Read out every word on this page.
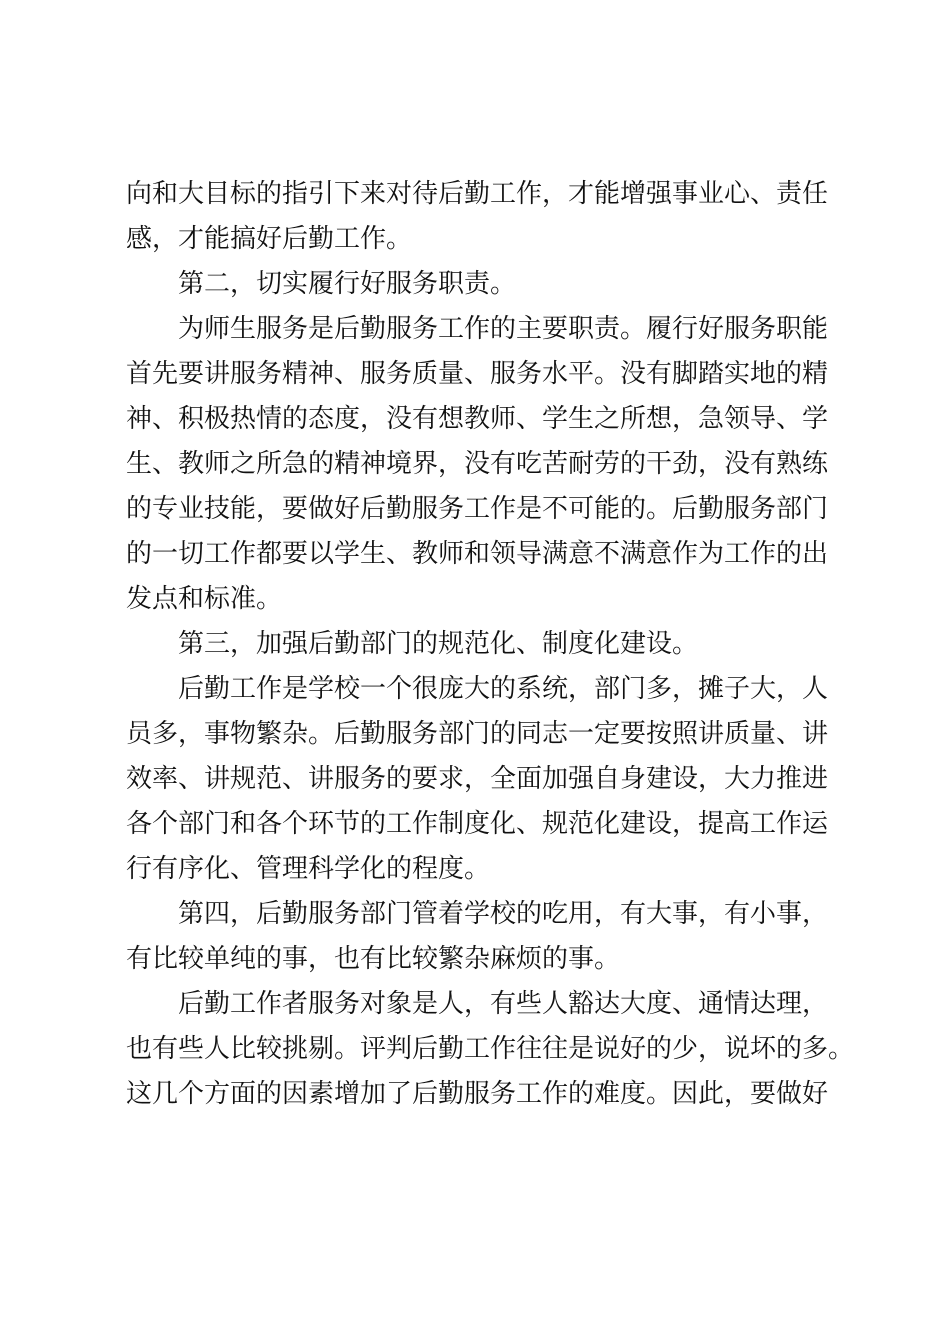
向和大目标的指引下来对待后勤工作，才能增强事业心、责任
感，才能搞好后勤工作。
第二，切实履行好服务职责。
为师生服务是后勤服务工作的主要职责。履行好服务职能
首先要讲服务精神、服务质量、服务水平。没有脚踏实地的精
神、积极热情的态度，没有想教师、学生之所想，急领导、学
生、教师之所急的精神境界，没有吃苦耐劳的干劲，没有熟练
的专业技能，要做好后勤服务工作是不可能的。后勤服务部门
的一切工作都要以学生、教师和领导满意不满意作为工作的出
发点和标准。
第三，加强后勤部门的规范化、制度化建设。
后勤工作是学校一个很庞大的系统，部门多，摊子大，人
员多，事物繁杂。后勤服务部门的同志一定要按照讲质量、讲
效率、讲规范、讲服务的要求，全面加强自身建设，大力推进
各个部门和各个环节的工作制度化、规范化建设，提高工作运
行有序化、管理科学化的程度。
第四，后勤服务部门管着学校的吃用，有大事，有小事，
有比较单纯的事，也有比较繁杂麻烦的事。
后勤工作者服务对象是人，有些人豁达大度、通情达理，
也有些人比较挑剔。评判后勤工作往往是说好的少，说坏的多。
这几个方面的因素增加了后勤服务工作的难度。因此，要做好
